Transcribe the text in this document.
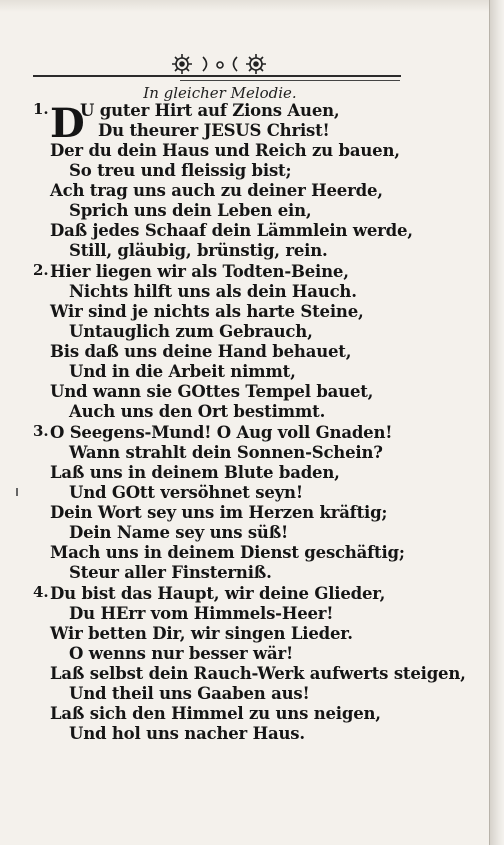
In gleicher Melodie.
1.
2.
3.
4.
D
U guter Hirt auf Zions Auen,
Du theurer JESUS Christ!
Der du dein Haus und Reich zu bauen,
So treu und fleissig bist;
Ach trag uns auch zu deiner Heerde,
Sprich uns dein Leben ein,
Daß jedes Schaaf dein Lämmlein werde,
Still, gläubig, brünstig, rein.
Hier liegen wir als Todten-Beine,
Nichts hilft uns als dein Hauch.
Wir sind je nichts als harte Steine,
Untauglich zum Gebrauch,
Bis daß uns deine Hand behauet,
Und in die Arbeit nimmt,
Und wann sie GOttes Tempel bauet,
Auch uns den Ort bestimmt.
O Seegens-Mund! O Aug voll Gnaden!
Wann strahlt dein Sonnen-Schein?
Laß uns in deinem Blute baden,
Und GOtt versöhnet seyn!
Dein Wort sey uns im Herzen kräftig;
Dein Name sey uns süß!
Mach uns in deinem Dienst geschäftig;
Steur aller Finsterniß.
Du bist das Haupt, wir deine Glieder,
Du HErr vom Himmels-Heer!
Wir betten Dir, wir singen Lieder.
O wenns nur besser wär!
Laß selbst dein Rauch-Werk aufwerts steigen,
Und theil uns Gaaben aus!
Laß sich den Himmel zu uns neigen,
Und hol uns nacher Haus.
